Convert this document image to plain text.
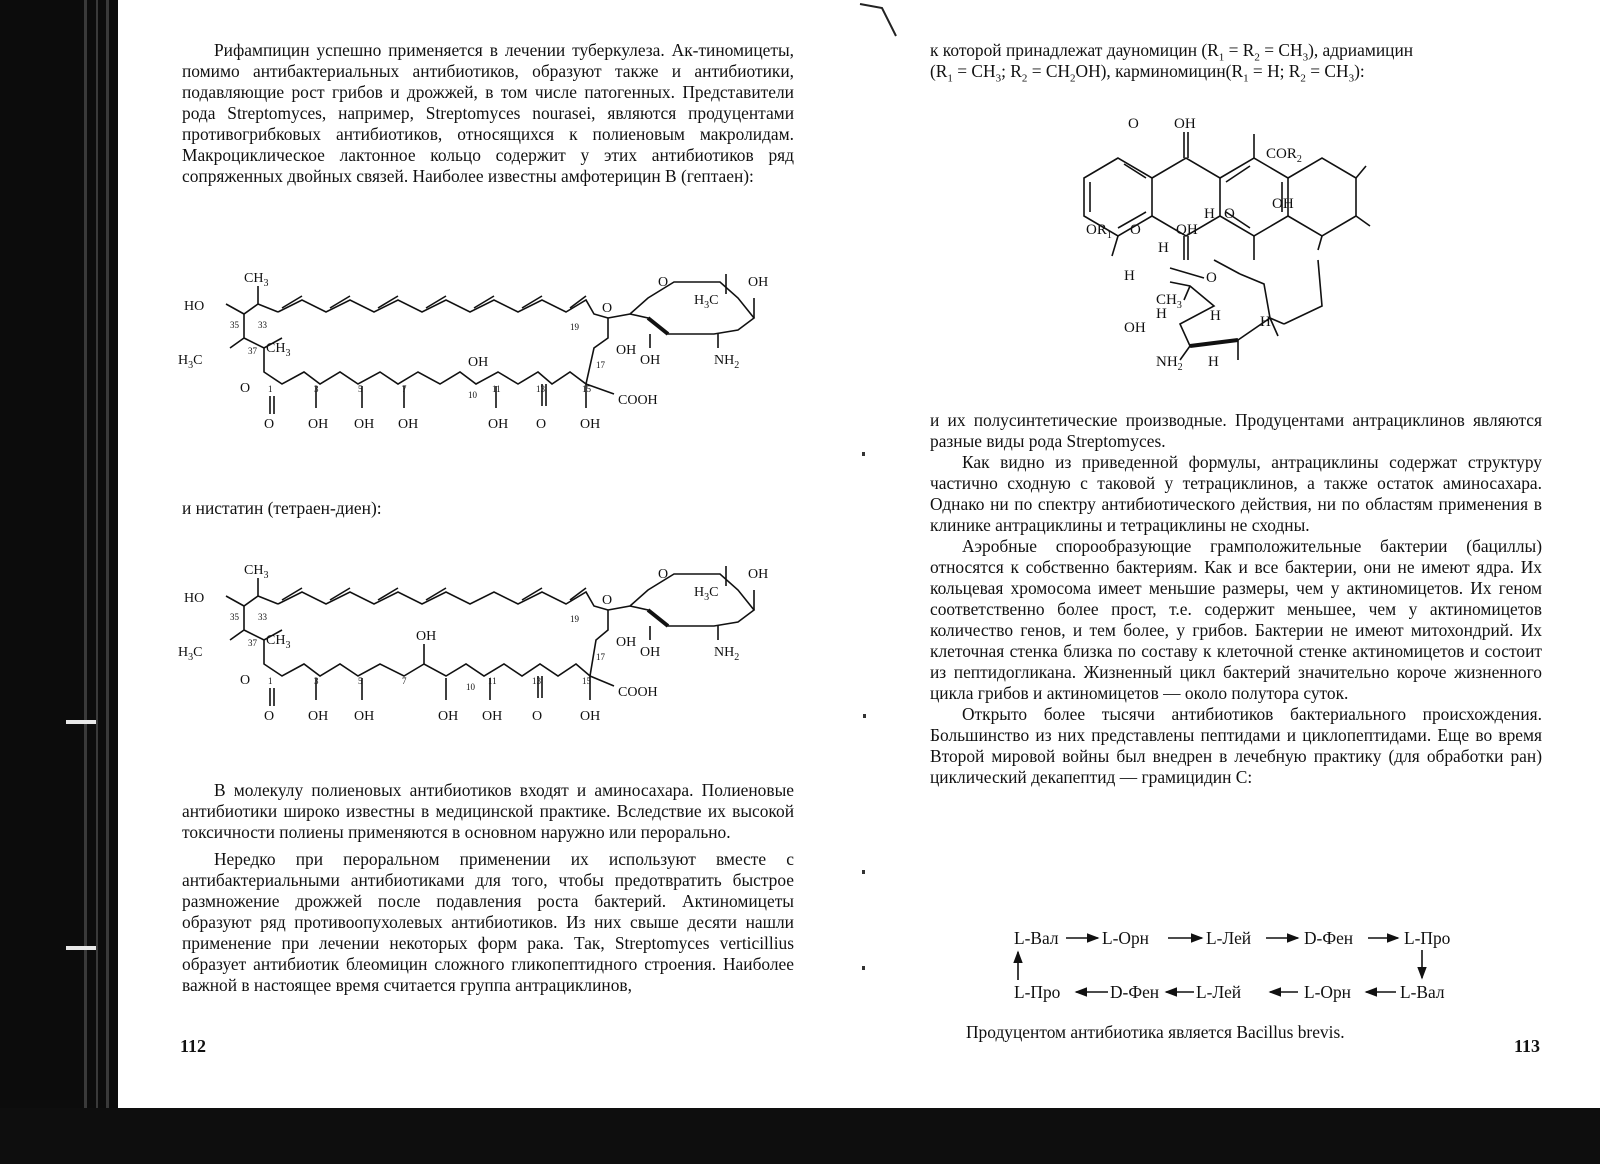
Рифампицин успешно применяется в лечении туберкулеза. Ак-тиномицеты, помимо антибактериальных антибиотиков, образуют также и антибиотики, подавляющие рост грибов и дрожжей, в том числе патогенных. Представители рода Streptomyces, например, Streptomyces nourasei, являются продуцентами противогрибковых антибиотиков, относящихся к полиеновым макролидам. Макроциклическое лактонное кольцо содержит у этих антибиотиков ряд сопряженных двойных связей. Наиболее известны амфотерицин В (гептаен):

$CH_3$
HO
35 33
$H_3C$
37 $CH_3$
O 1
O
3	5	7
10
11	13	15
17
19
OH OH OH
OH
OH O OH
OH
COOH
O
O
$H_3C$
OH
OH	$NH_2$

и нистатин (тетраен-диен):

$CH_3$
HO
35 33
$H_3C$
37 $CH_3$
O 1
O
3	5	7
10
11	13	15
17
19
OH OH
OH
OH OH O	OH
OH
COOH
O
O
$H_3C$
OH
OH	$NH_2$

В молекулу полиеновых антибиотиков входят и аминосахара. Полиеновые антибиотики широко известны в медицинской практике. Вследствие их высокой токсичности полиены применяются в основном наружно или перорально.

Нередко при пероральном применении их используют вместе с антибактериальными антибиотиками для того, чтобы предотвратить быстрое размножение дрожжей после подавления роста бактерий. Актиномицеты образуют ряд противоопухолевых антибиотиков. Из них свыше десяти нашли применение при лечении некоторых форм рака. Так, Streptomyces verticillius образует антибиотик блеомицин сложного гликопептидного строения. Наиболее важной в настоящее время считается группа антрациклинов,

112

к которой принадлежат дауномицин $(R_1 = R_2 = CH_3)$, адриамицин
($R_1 = CH_3$; $R_2 = CH_2OH$), $карминомицин(R_1 = H$; $R_2 = CH_3$):

O OH
$COR_2$
OH
$OR_1$ O OH
H O
H
H	O
$CH_3$
H	H	H
OH
$NH_2$ H

и их полусинтетические производные. Продуцентами антрациклинов являются разные виды рода Streptomyces.

Как видно из приведенной формулы, антрациклины содержат структуру частично сходную с таковой у тетрациклинов, а также остаток аминосахара. Однако ни по спектру антибиотического действия, ни по областям применения в клинике антрациклины и тетрациклины не сходны.

Аэробные спорообразующие грамположительные бактерии (бациллы) относятся к собственно бактериям. Как и все бактерии, они не имеют ядра. Их кольцевая хромосома имеет меньшие размеры, чем у актиномицетов. Их геном соответственно более прост, т.е. содержит меньшее, чем у актиномицетов количество генов, и тем более, у грибов. Бактерии не имеют митохондрий. Их клеточная стенка близка по составу к клеточной стенке актиномицетов и состоит из пептидогликана. Жизненный цикл бактерий значительно короче жизненного цикла грибов и актиномицетов — около полутора суток.

Открыто более тысячи антибиотиков бактериального происхождения. Большинство из них представлены пептидами и циклопептидами. Еще во время Второй мировой войны был внедрен в лечебную практику (для обработки ран) циклический декапептид — грамицидин С:

L-Вал L-Орн	L-Лей	D-Фен	L-Про
L-Про	D-Фен L-Лей	L-Орн	L-Вал

Продуцентом антибиотика является Bacillus brevis.

113
